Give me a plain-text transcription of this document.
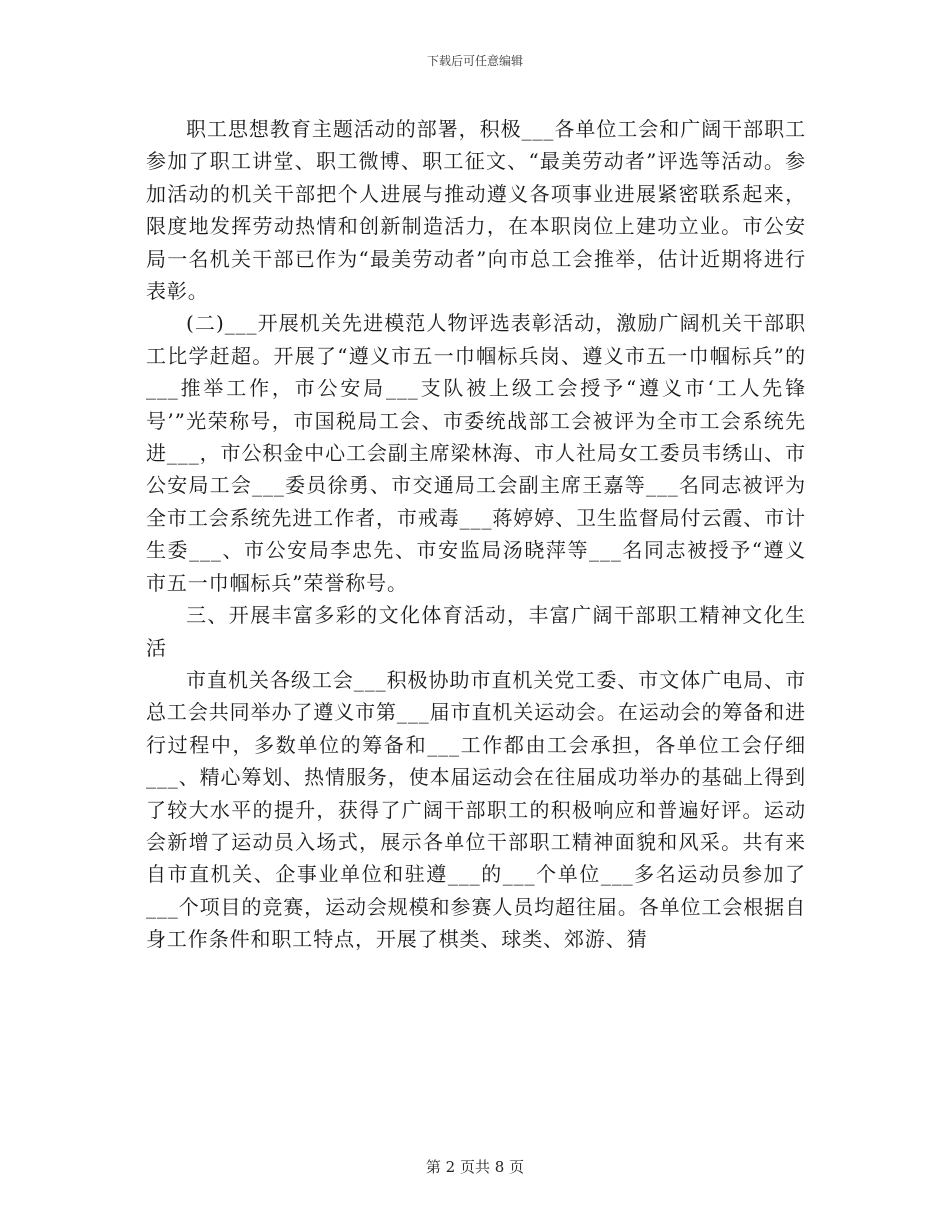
下载后可任意编辑

职工思想教育主题活动的部署，积极___各单位工会和广阔干部职工参加了职工讲堂、职工微博、职工征文、“最美劳动者”评选等活动。参加活动的机关干部把个人进展与推动遵义各项事业进展紧密联系起来，限度地发挥劳动热情和创新制造活力，在本职岗位上建功立业。市公安局一名机关干部已作为“最美劳动者”向市总工会推举，估计近期将进行表彰。

(二)___开展机关先进模范人物评选表彰活动，激励广阔机关干部职工比学赶超。开展了“遵义市五一巾帼标兵岗、遵义市五一巾帼标兵”的___推举工作，市公安局___支队被上级工会授予“遵义市‘工人先锋号’”光荣称号，市国税局工会、市委统战部工会被评为全市工会系统先进___，市公积金中心工会副主席梁林海、市人社局女工委员韦绣山、市公安局工会___委员徐勇、市交通局工会副主席王嘉等___名同志被评为全市工会系统先进工作者，市戒毒___蒋婷婷、卫生监督局付云霞、市计生委___、市公安局李忠先、市安监局汤晓萍等___名同志被授予“遵义市五一巾帼标兵”荣誉称号。

三、开展丰富多彩的文化体育活动，丰富广阔干部职工精神文化生活

市直机关各级工会___积极协助市直机关党工委、市文体广电局、市总工会共同举办了遵义市第___届市直机关运动会。在运动会的筹备和进行过程中，多数单位的筹备和___工作都由工会承担，各单位工会仔细___、精心筹划、热情服务，使本届运动会在往届成功举办的基础上得到了较大水平的提升，获得了广阔干部职工的积极响应和普遍好评。运动会新增了运动员入场式，展示各单位干部职工精神面貌和风采。共有来自市直机关、企事业单位和驻遵___的___个单位___多名运动员参加了___个项目的竞赛，运动会规模和参赛人员均超往届。各单位工会根据自身工作条件和职工特点，开展了棋类、球类、郊游、猜

第 2 页共 8 页
